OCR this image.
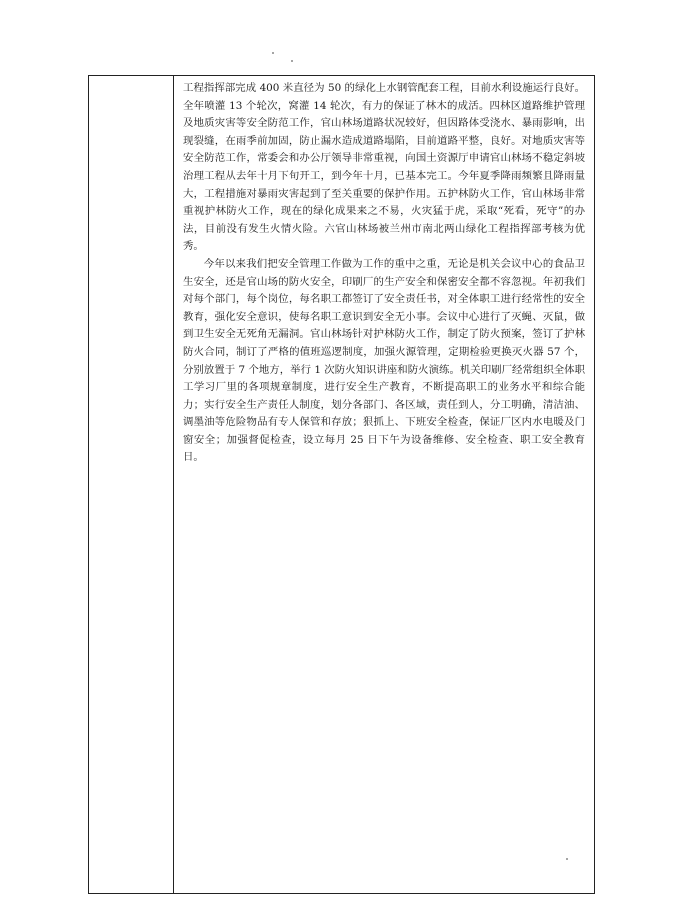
工程指挥部完成 400 米直径为 50 的绿化上水钢管配套工程，目前水利设施运行良好。全年喷灌 13 个轮次，窝灌 14 轮次，有力的保证了林木的成活。四林区道路维护管理及地质灾害等安全防范工作，官山林场道路状况较好，但因路体受浇水、暴雨影响，出现裂缝，在雨季前加固，防止漏水造成道路塌陷，目前道路平整，良好。对地质灾害等安全防范工作，常委会和办公厅领导非常重视，向国土资源厅申请官山林场不稳定斜坡治理工程从去年十月下旬开工，到今年十月，已基本完工。今年夏季降雨频繁且降雨量大，工程措施对暴雨灾害起到了至关重要的保护作用。五护林防火工作，官山林场非常重视护林防火工作，现在的绿化成果来之不易，火灾猛于虎，采取“死看，死守”的办法，目前没有发生火情火险。六官山林场被兰州市南北两山绿化工程指挥部考核为优秀。

今年以来我们把安全管理工作做为工作的重中之重，无论是机关会议中心的食品卫生安全，还是官山场的防火安全，印刷厂的生产安全和保密安全都不容忽视。年初我们对每个部门，每个岗位，每名职工都签订了安全责任书，对全体职工进行经常性的安全教育，强化安全意识，使每名职工意识到安全无小事。会议中心进行了灭蝇、灭鼠，做到卫生安全无死角无漏洞。官山林场针对护林防火工作，制定了防火预案，签订了护林防火合同，制订了严格的值班巡逻制度，加强火源管理，定期检验更换灭火器 57 个，分别放置于 7 个地方，举行 1 次防火知识讲座和防火演练。机关印刷厂经常组织全体职工学习厂里的各项规章制度，进行安全生产教育，不断提高职工的业务水平和综合能力；实行安全生产责任人制度，划分各部门、各区域，责任到人，分工明确，清洁油、调墨油等危险物品有专人保管和存放；狠抓上、下班安全检查，保证厂区内水电暖及门窗安全；加强督促检查，设立每月 25 日下午为设备维修、安全检查、职工安全教育日。
